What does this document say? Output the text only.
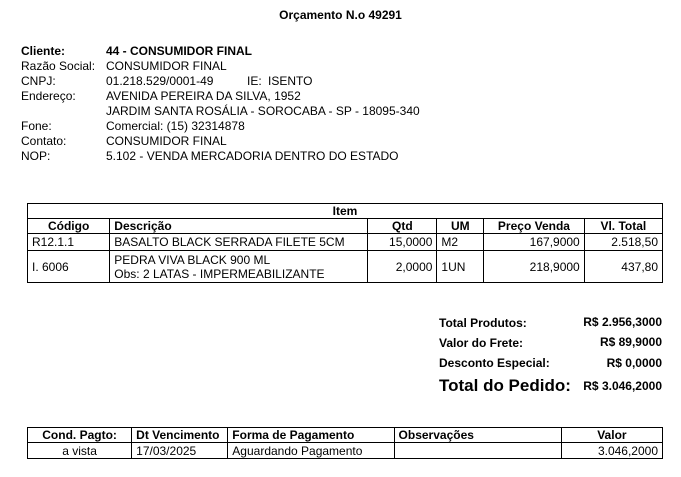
Orçamento N.o 49291
Cliente:	44 - CONSUMIDOR FINAL
Razão Social: CONSUMIDOR FINAL
CNPJ:	01.218.529/0001-49	IE: ISENTO
Endereço:	AVENIDA PEREIRA DA SILVA, 1952
JARDIM SANTA ROSÁLIA - SOROCABA - SP - 18095-340
Fone:	Comercial: (15) 32314878
Contato:	CONSUMIDOR FINAL
NOP:	5.102 - VENDA MERCADORIA DENTRO DO ESTADO
Item					
Código	Descrição	Qtd	UM	Preço Venda	Vl. Total
R12.1.1	BASALTO BLACK SERRADA FILETE 5CM	15,0000	M2	167,9000	2.518,50
I. 6006	PEDRA VIVA BLACK 900 ML
Obs: 2 LATAS - IMPERMEABILIZANTE	2,0000	1UN	218,9000	437,80
Total Produtos:	R$ 2.956,3000
Valor do Frete:	R$ 89,9000
Desconto Especial:	R$ 0,0000
Total do Pedido: R$ 3.046,2000
Cond. Pagto:	Dt Vencimento	Forma de Pagamento	Observações	Valor
a vista	17/03/2025	Aguardando Pagamento		3.046,2000
